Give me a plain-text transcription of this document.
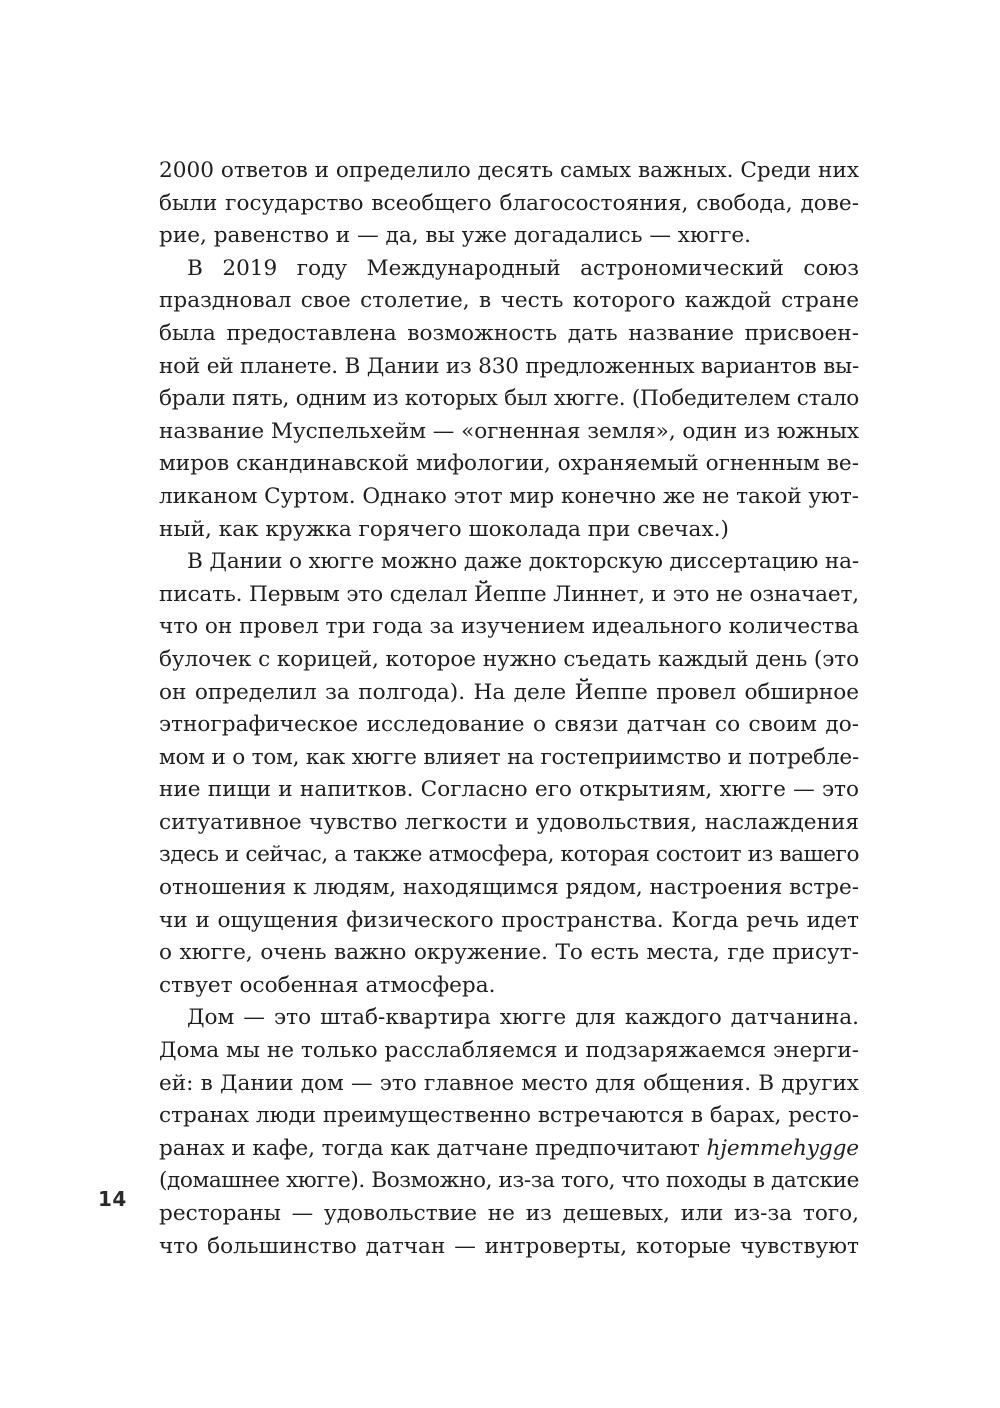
2000 ответов и определило десять самых важных. Среди них
были государство всеобщего благосостояния, свобода, дове-
рие, равенство и — да, вы уже догадались — хюгге.
В 2019 году Международный астрономический союз
праздновал свое столетие, в честь которого каждой стране
была предоставлена возможность дать название присвоен-
ной ей планете. В Дании из 830 предложенных вариантов вы-
брали пять, одним из которых был хюгге. (Победителем стало
название Муспельхейм — «огненная земля», один из южных
миров скандинавской мифологии, охраняемый огненным ве-
ликаном Суртом. Однако этот мир конечно же не такой уют-
ный, как кружка горячего шоколада при свечах.)
В Дании о хюгге можно даже докторскую диссертацию на-
писать. Первым это сделал Йеппе Линнет, и это не означает,
что он провел три года за изучением идеального количества
булочек с корицей, которое нужно съедать каждый день (это
он определил за полгода). На деле Йеппе провел обширное
этнографическое исследование о связи датчан со своим до-
мом и о том, как хюгге влияет на гостеприимство и потребле-
ние пищи и напитков. Согласно его открытиям, хюгге — это
ситуативное чувство легкости и удовольствия, наслаждения
здесь и сейчас, а также атмосфера, которая состоит из вашего
отношения к людям, находящимся рядом, настроения встре-
чи и ощущения физического пространства. Когда речь идет
о хюгге, очень важно окружение. То есть места, где присут-
ствует особенная атмосфера.
Дом — это штаб-квартира хюгге для каждого датчанина.
Дома мы не только расслабляемся и подзаряжаемся энерги-
ей: в Дании дом — это главное место для общения. В других
странах люди преимущественно встречаются в барах, ресто-
ранах и кафе, тогда как датчане предпочитают hjemmehygge
(домашнее хюгге). Возможно, из-за того, что походы в датские
рестораны — удовольствие не из дешевых, или из-за того,
что большинство датчан — интроверты, которые чувствуют
14
